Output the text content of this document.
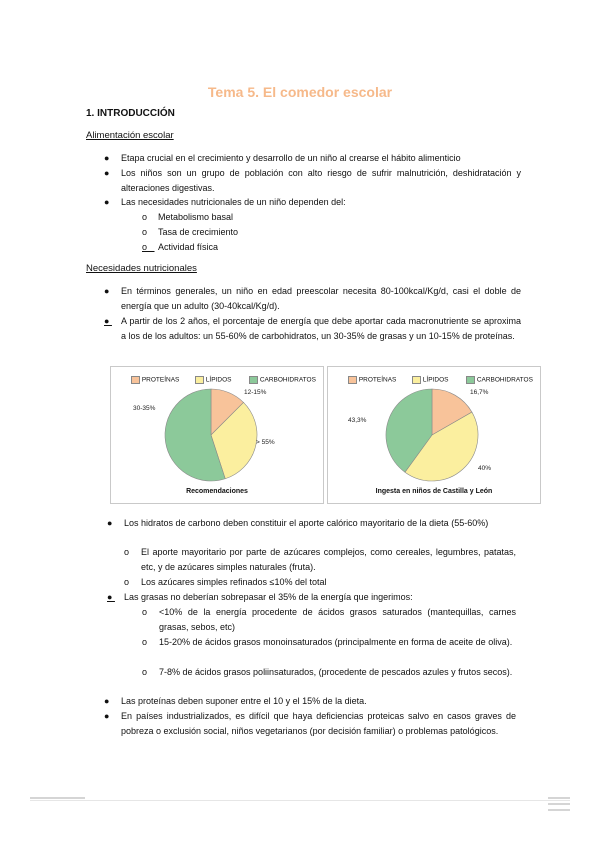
Tema 5. El comedor escolar
1. INTRODUCCIÓN
Alimentación escolar
● Etapa crucial en el crecimiento y desarrollo de un niño al crearse el hábito alimenticio
● Los niños son un grupo de población con alto riesgo de sufrir malnutrición, deshidratación y alteraciones digestivas.
● Las necesidades nutricionales de un niño dependen del:
o Metabolismo basal
o Tasa de crecimiento
o Actividad física
Necesidades nutricionales
● En términos generales, un niño en edad preescolar necesita 80-100kcal/Kg/d, casi el doble de energía que un adulto (30-40kcal/Kg/d).
● A partir de los 2 años, el porcentaje de energía que debe aportar cada macronutriente se aproxima a los de los adultos: un 55-60% de carbohidratos, un 30-35% de grasas y un 10-15% de proteínas.
PROTEÍNAS	LÍPIDOS	CARBOHIDRATOS
12-15%
30-35%
> 55%
Recomendaciones
PROTEÍNAS	LÍPIDOS	CARBOHIDRATOS
16,7%
43,3%
40%
Ingesta en niños de Castilla y León
● Los hidratos de carbono deben constituir el aporte calórico mayoritario de la dieta (55-60%)
o El aporte mayoritario por parte de azúcares complejos, como cereales, legumbres, patatas, etc, y de azúcares simples naturales (fruta).
o Los azúcares simples refinados ≤10% del total
● Las grasas no deberían sobrepasar el 35% de la energía que ingerimos:
o <10% de la energía procedente de ácidos grasos saturados (mantequillas, carnes grasas, sebos, etc)
o 15-20% de ácidos grasos monoinsaturados (principalmente en forma de aceite de oliva).
o 7-8% de ácidos grasos poliinsaturados, (procedente de pescados azules y frutos secos).
● Las proteínas deben suponer entre el 10 y el 15% de la dieta.
● En países industrializados, es difícil que haya deficiencias proteicas salvo en casos graves de pobreza o exclusión social, niños vegetarianos (por decisión familiar) o problemas patológicos.
